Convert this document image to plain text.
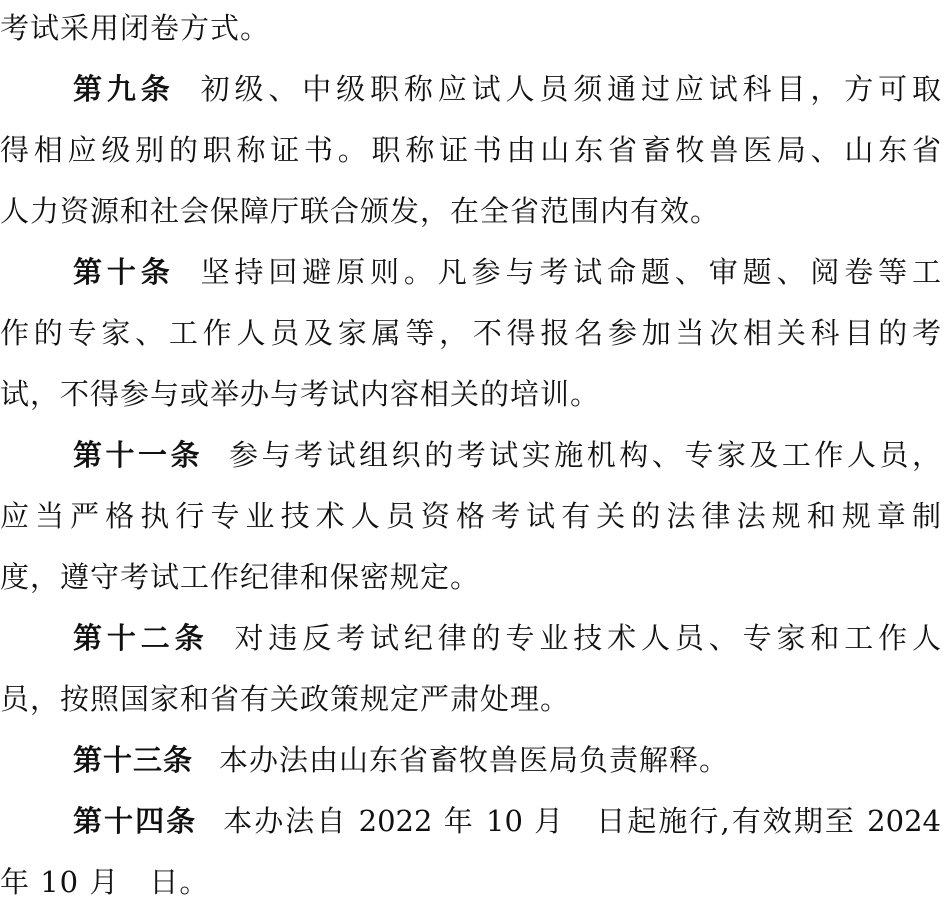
考试采用闭卷方式。
第九条 初级、中级职称应试人员须通过应试科目，方可取
得相应级别的职称证书。职称证书由山东省畜牧兽医局、山东省
人力资源和社会保障厅联合颁发，在全省范围内有效。
第十条 坚持回避原则。凡参与考试命题、审题、阅卷等工
作的专家、工作人员及家属等，不得报名参加当次相关科目的考
试，不得参与或举办与考试内容相关的培训。
第十一条 参与考试组织的考试实施机构、专家及工作人员，
应当严格执行专业技术人员资格考试有关的法律法规和规章制
度，遵守考试工作纪律和保密规定。
第十二条 对违反考试纪律的专业技术人员、专家和工作人
员，按照国家和省有关政策规定严肃处理。
第十三条 本办法由山东省畜牧兽医局负责解释。
第十四条 本办法自 2022 年 10 月　日起施行,有效期至 2024
年 10 月　日。
